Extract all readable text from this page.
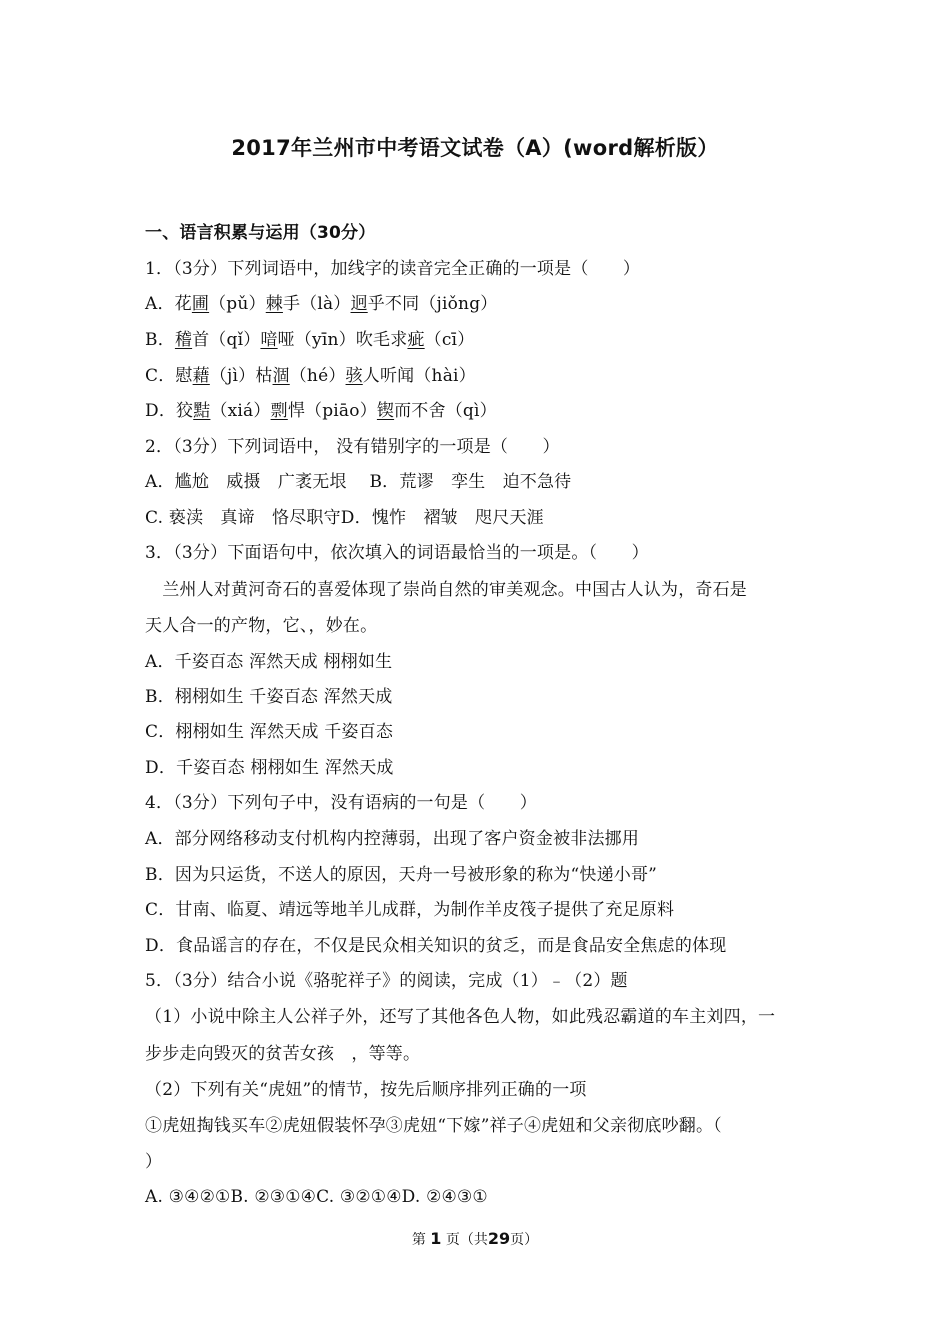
2017年兰州市中考语文试卷（A）(word解析版）
一、语言积累与运用（30分）
1．（3分）下列词语中，加线字的读音完全正确的一项是（　　）
A．花圃（pǔ）棘手（là）迥乎不同（jiǒng）
B．稽首（qǐ）喑哑（yīn）吹毛求疵（cī）
C．慰藉（jì）枯涸（hé）骇人听闻（hài）
D．狡黠（xiá）剽悍（piāo）锲而不舍（qì）
2．（3分）下列词语中， 没有错别字的一项是（　　）
A．尴尬　威摄　广袤无垠　 B．荒谬　孪生　迫不急待
C. 亵渎　真谛　恪尽职守D．愧怍　褶皱　咫尺天涯
3．（3分）下面语句中，依次填入的词语最恰当的一项是。（　　）
　兰州人对黄河奇石的喜爱体现了崇尚自然的审美观念。中国古人认为，奇石是
天人合一的产物，它、，妙在。
A．千姿百态 浑然天成 栩栩如生
B．栩栩如生 千姿百态 浑然天成
C．栩栩如生 浑然天成 千姿百态
D．千姿百态 栩栩如生 浑然天成
4．（3分）下列句子中，没有语病的一句是（　　）
A．部分网络移动支付机构内控薄弱，出现了客户资金被非法挪用
B．因为只运货，不送人的原因，天舟一号被形象的称为“快递小哥”
C．甘南、临夏、靖远等地羊儿成群，为制作羊皮筏子提供了充足原料
D．食品谣言的存在，不仅是民众相关知识的贫乏，而是食品安全焦虑的体现
5．（3分）结合小说《骆驼祥子》的阅读，完成（1）﹣（2）题
（1）小说中除主人公祥子外，还写了其他各色人物，如此残忍霸道的车主刘四，一
步步走向毁灭的贫苦女孩　，等等。
（2）下列有关“虎妞”的情节，按先后顺序排列正确的一项　
①虎妞掏钱买车②虎妞假装怀孕③虎妞“下嫁”祥子④虎妞和父亲彻底吵翻。（
）
A. ③④②①B. ②③①④C. ③②①④D. ②④③①
第 1 页（共29页）
